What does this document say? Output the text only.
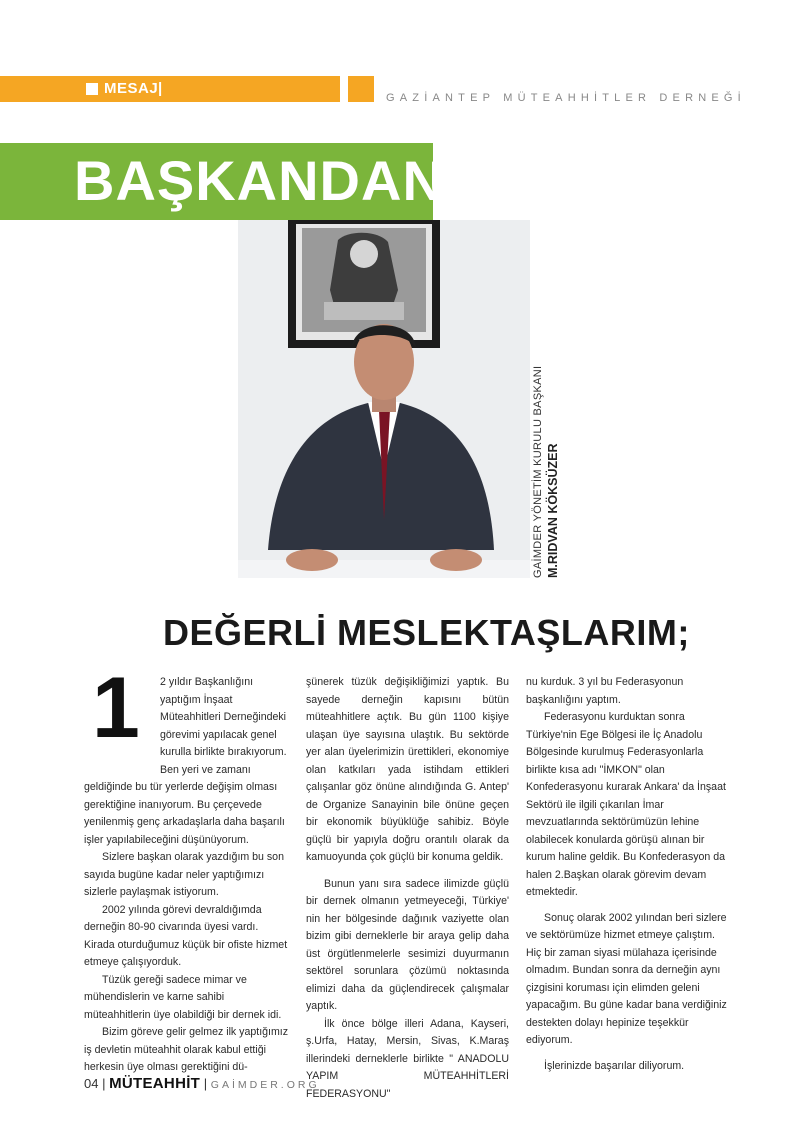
MESAJ |
GAZİANTEP MÜTEAHHİTLER DERNEĞİ
BAŞKANDAN
GAİMDER YÖNETİM KURULU BAŞKANI M.RIDVAN KÖKSÜZER
DEĞERLİ MESLEKTAŞLARIM;
1	2 yıldır Başkanlığını yaptığım İnşaat Müteahhitleri Derneğindeki görevimi yapılacak genel kurulla birlikte bırakıyorum. Ben yeri ve zamanı geldiğinde bu tür yerlerde değişim olması gerektiğine inanıyorum. Bu çerçevede yenilenmiş genç arkadaşlarla daha başarılı işler yapılabileceğini düşünüyorum.

Sizlere başkan olarak yazdığım bu son sayıda bugüne kadar neler yaptığımızı sizlerle paylaşmak istiyorum.

2002 yılında görevi devraldığımda derneğin 80-90 civarında üyesi vardı. Kirada oturduğumuz küçük bir ofiste hizmet etmeye çalışıyorduk.

Tüzük gereği sadece mimar ve mühendislerin ve karne sahibi müteahhitlerin üye olabildiği bir dernek idi.

Bizim göreve gelir gelmez ilk yaptığımız iş devletin müteahhit olarak kabul ettiği herkesin üye olması gerektiğini dü-

şünerek tüzük değişikliğimizi yaptık. Bu sayede derneğin kapısını bütün müteahhitlere açtık. Bu gün 1100 kişiye ulaşan üye sayısına ulaştık. Bu sektörde yer alan üyelerimizin ürettikleri, ekonomiye olan katkıları yada istihdam ettikleri çalışanlar göz önüne alındığında G. Antep' de Organize Sanayinin bile önüne geçen bir ekonomik büyüklüğe sahibiz. Böyle güçlü bir yapıyla doğru orantılı olarak da kamuoyunda çok güçlü bir konuma geldik.

Bunun yanı sıra sadece ilimizde güçlü bir dernek olmanın yetmeyeceği, Türkiye' nin her bölgesinde dağınık vaziyette olan bizim gibi derneklerle bir araya gelip daha üst örgütlenmelerle sesimizi duyurmanın sektörel sorunlara çözümü noktasında elimizi daha da güçlendirecek çalışmalar yaptık.

İlk önce bölge illeri Adana, Kayseri, ş.Urfa, Hatay, Mersin, Sivas, K.Maraş illerindeki derneklerle birlikte " ANADOLU YAPIM MÜTEAHHİTLERİ FEDERASYONU"

nu kurduk. 3 yıl bu Federasyonun başkanlığını yaptım.

Federasyonu kurduktan sonra Türkiye'nin Ege Bölgesi ile İç Anadolu Bölgesinde kurulmuş Federasyonlarla birlikte kısa adı "İMKON" olan Konfederasyonu kurarak Ankara' da İnşaat Sektörü ile ilgili çıkarılan İmar mevzuatlarında sektörümüzün lehine olabilecek konularda görüşü alınan bir kurum haline geldik. Bu Konfederasyon da halen 2.Başkan olarak görevim devam etmektedir.

Sonuç olarak 2002 yılından beri sizlere ve sektörümüze hizmet etmeye çalıştım. Hiç bir zaman siyasi mülahaza içerisinde olmadım. Bundan sonra da derneğin aynı çizgisini koruması için elimden geleni yapacağım. Bu güne kadar bana verdiğiniz destekten dolayı hepinize teşekkür ediyorum.

İşlerinizde başarılar diliyorum.

04 | MÜTEAHHİT | GAİMDER.ORG
